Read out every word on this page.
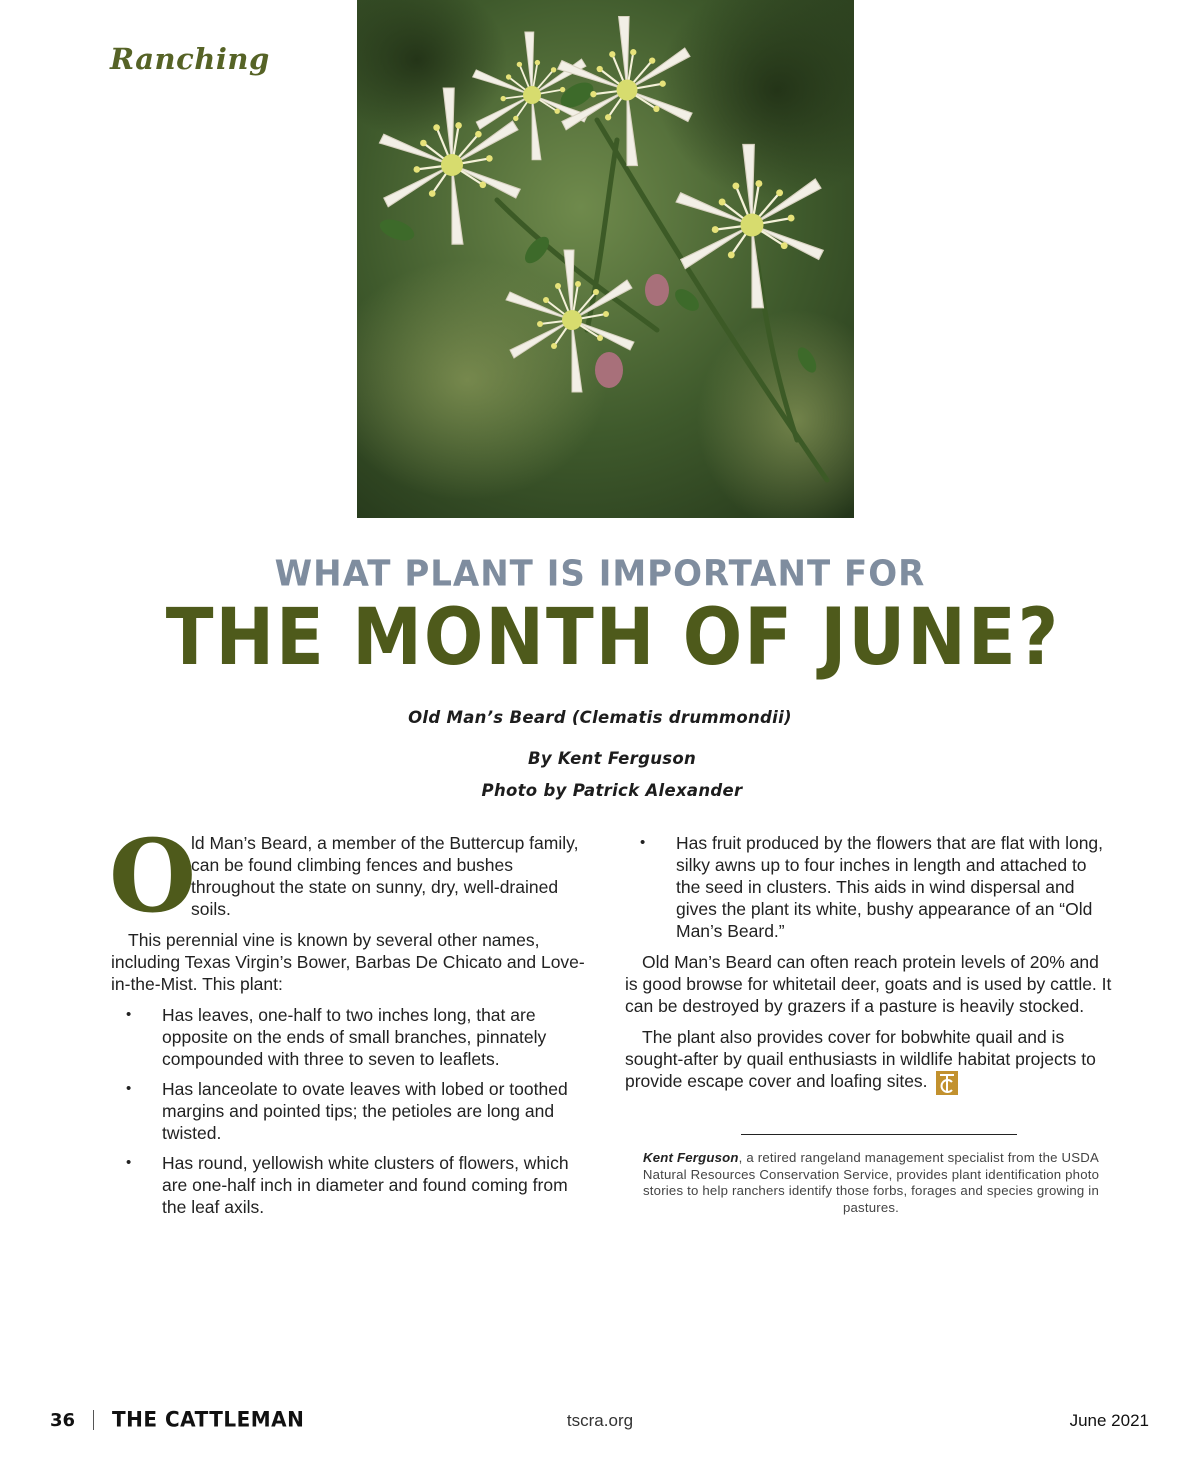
Ranching
WHAT PLANT IS IMPORTANT FOR
THE MONTH OF JUNE?
Old Man’s Beard (Clematis drummondii)
By Kent Ferguson
Photo by Patrick Alexander
O

ld Man’s Beard, a member of the Buttercup family, can be found climbing fences and bushes throughout the state on sunny, dry, well-drained soils.

This perennial vine is known by several other names, including Texas Virgin’s Bower, Barbas De Chicato and Love-in-the-Mist. This plant:

• Has leaves, one-half to two inches long, that are opposite on the ends of small branches, pinnately compounded with three to seven to leaflets.
• Has lanceolate to ovate leaves with lobed or toothed margins and pointed tips; the petioles are long and twisted.
• Has round, yellowish white clusters of flowers, which are one-half inch in diameter and found coming from the leaf axils.
• Has fruit produced by the flowers that are flat with long, silky awns up to four inches in length and attached to the seed in clusters. This aids in wind dispersal and gives the plant its white, bushy appearance of an “Old Man’s Beard.”

Old Man’s Beard can often reach protein levels of 20% and is good browse for whitetail deer, goats and is used by cattle. It can be destroyed by grazers if a pasture is heavily stocked.

The plant also provides cover for bobwhite quail and is sought-after by quail enthusiasts in wildlife habitat projects to provide escape cover and loafing sites.

Kent Ferguson, a retired rangeland management specialist from the USDA Natural Resources Conservation Service, provides plant identification photo stories to help ranchers identify those forbs, forages and species growing in pastures.
36 THE CATTLEMAN	tscra.org	June 2021
